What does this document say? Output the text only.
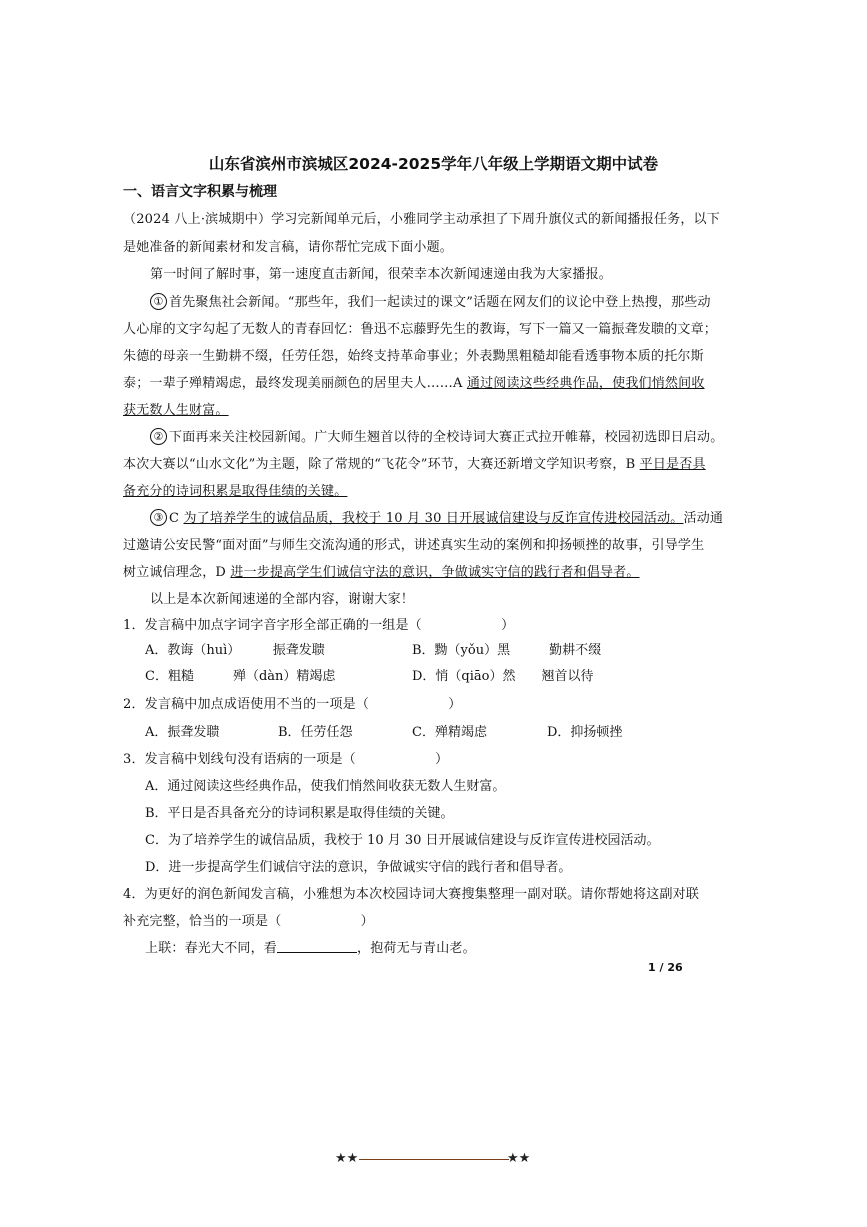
山东省滨州市滨城区2024-2025学年八年级上学期语文期中试卷
一、语言文字积累与梳理
（2024 八上·滨城期中）学习完新闻单元后，小雅同学主动承担了下周升旗仪式的新闻播报任务，以下
是她准备的新闻素材和发言稿，请你帮忙完成下面小题。
第一时间了解时事，第一速度直击新闻，很荣幸本次新闻速递由我为大家播报。
① 首先聚焦社会新闻。“那些年，我们一起读过的课文”话题在网友们的议论中登上热搜，那些动
人心扉的文字勾起了无数人的青春回忆：鲁迅不忘藤野先生的教诲，写下一篇又一篇振聋发聩的文章；
朱德的母亲一生勤耕不缀，任劳任怨，始终支持革命事业；外表黝黑粗糙却能看透事物本质的托尔斯
泰；一辈子殚精竭虑，最终发现美丽颜色的居里夫人……A 通过阅读这些经典作品，使我们悄然间收
获无数人生财富。
② 下面再来关注校园新闻。广大师生翘首以待的全校诗词大赛正式拉开帷幕，校园初选即日启动。
本次大赛以“山水文化”为主题，除了常规的“飞花令”环节，大赛还新增文学知识考察，B 平日是否具
备充分的诗词积累是取得佳绩的关键。
③ C 为了培养学生的诚信品质，我校于 10 月 30 日开展诚信建设与反诈宣传进校园活动。活动通
过邀请公安民警“面对面”与师生交流沟通的形式，讲述真实生动的案例和抑扬顿挫的故事，引导学生
树立诚信理念，D 进一步提高学生们诚信守法的意识，争做诚实守信的践行者和倡导者。
以上是本次新闻速递的全部内容，谢谢大家！
1．发言稿中加点字词字音字形全部正确的一组是（　　　　　　）
A．教诲（huì）　　　振聋发聩	B．黝（yǒu）黑　　　勤耕不缀
C．粗糙　　　殚（dàn）精竭虑	D．悄（qiāo）然　　翘首以待
2．发言稿中加点成语使用不当的一项是（　　　　　　）
A．振聋发聩	B．任劳任怨	C．殚精竭虑	D．抑扬顿挫
3．发言稿中划线句没有语病的一项是（　　　　　　）
A．通过阅读这些经典作品，使我们悄然间收获无数人生财富。
B．平日是否具备充分的诗词积累是取得佳绩的关键。
C．为了培养学生的诚信品质，我校于 10 月 30 日开展诚信建设与反诈宣传进校园活动。
D．进一步提高学生们诚信守法的意识，争做诚实守信的践行者和倡导者。
4．为更好的润色新闻发言稿，小雅想为本次校园诗词大赛搜集整理一副对联。请你帮她将这副对联
补充完整，恰当的一项是（　　　　　　）
上联：春光大不同，看	，抱荷无与青山老。
1 / 26
★★	★★
